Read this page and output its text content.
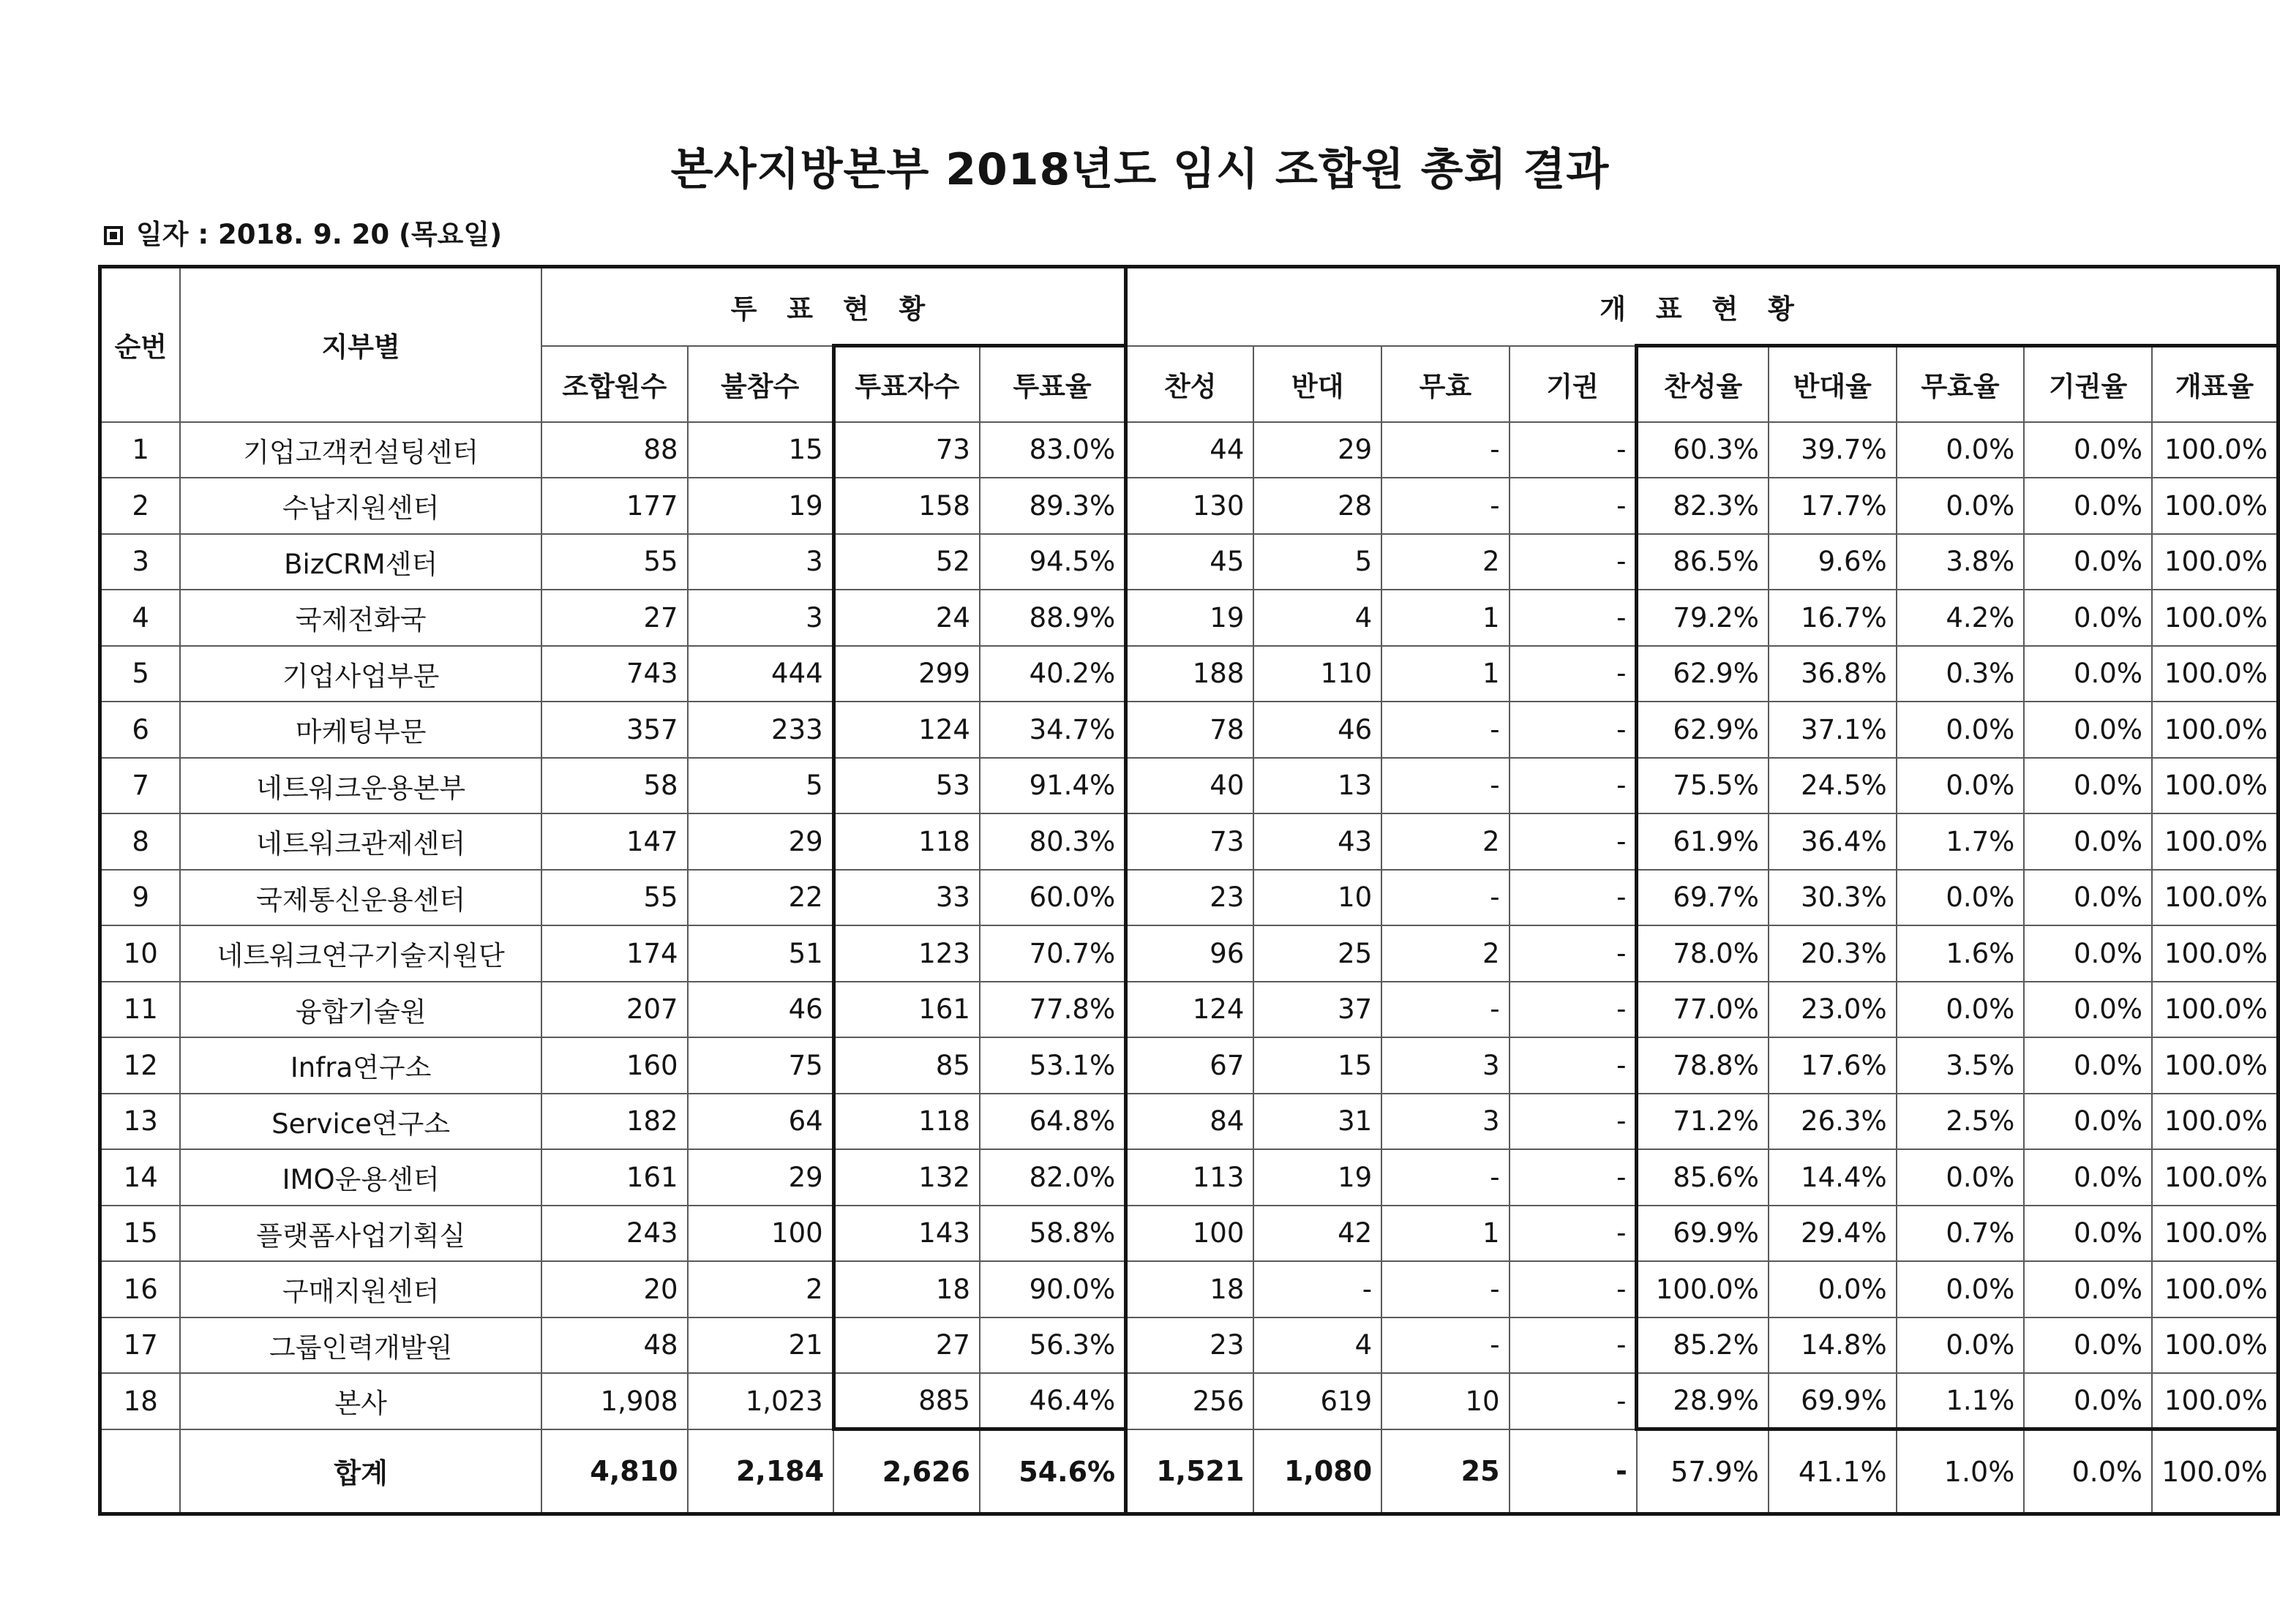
본사지방본부 2018년도 임시 조합원 총회 결과
일자 : 2018. 9. 20 (목요일)
순번	지부별	투 표 현 황				개 표 현 황								
		조합원수	불참수	투표자수	투표율	찬성	반대	무효	기권	찬성율	반대율	무효율	기권율	개표율
1	기업고객컨설팅센터	88	15	73	83.0%	44	29	-	-	60.3%	39.7%	0.0%	0.0%	100.0%
2	수납지원센터	177	19	158	89.3%	130	28	-	-	82.3%	17.7%	0.0%	0.0%	100.0%
3	BizCRM센터	55	3	52	94.5%	45	5	2	-	86.5%	9.6%	3.8%	0.0%	100.0%
4	국제전화국	27	3	24	88.9%	19	4	1	-	79.2%	16.7%	4.2%	0.0%	100.0%
5	기업사업부문	743	444	299	40.2%	188	110	1	-	62.9%	36.8%	0.3%	0.0%	100.0%
6	마케팅부문	357	233	124	34.7%	78	46	-	-	62.9%	37.1%	0.0%	0.0%	100.0%
7	네트워크운용본부	58	5	53	91.4%	40	13	-	-	75.5%	24.5%	0.0%	0.0%	100.0%
8	네트워크관제센터	147	29	118	80.3%	73	43	2	-	61.9%	36.4%	1.7%	0.0%	100.0%
9	국제통신운용센터	55	22	33	60.0%	23	10	-	-	69.7%	30.3%	0.0%	0.0%	100.0%
10	네트워크연구기술지원단	174	51	123	70.7%	96	25	2	-	78.0%	20.3%	1.6%	0.0%	100.0%
11	융합기술원	207	46	161	77.8%	124	37	-	-	77.0%	23.0%	0.0%	0.0%	100.0%
12	Infra연구소	160	75	85	53.1%	67	15	3	-	78.8%	17.6%	3.5%	0.0%	100.0%
13	Service연구소	182	64	118	64.8%	84	31	3	-	71.2%	26.3%	2.5%	0.0%	100.0%
14	IMO운용센터	161	29	132	82.0%	113	19	-	-	85.6%	14.4%	0.0%	0.0%	100.0%
15	플랫폼사업기획실	243	100	143	58.8%	100	42	1	-	69.9%	29.4%	0.7%	0.0%	100.0%
16	구매지원센터	20	2	18	90.0%	18	-	-	-	100.0%	0.0%	0.0%	0.0%	100.0%
17	그룹인력개발원	48	21	27	56.3%	23	4	-	-	85.2%	14.8%	0.0%	0.0%	100.0%
18	본사	1,908	1,023	885	46.4%	256	619	10	-	28.9%	69.9%	1.1%	0.0%	100.0%
	합계	4,810	2,184	2,626	54.6%	1,521	1,080	25	-	57.9%	41.1%	1.0%	0.0%	100.0%
